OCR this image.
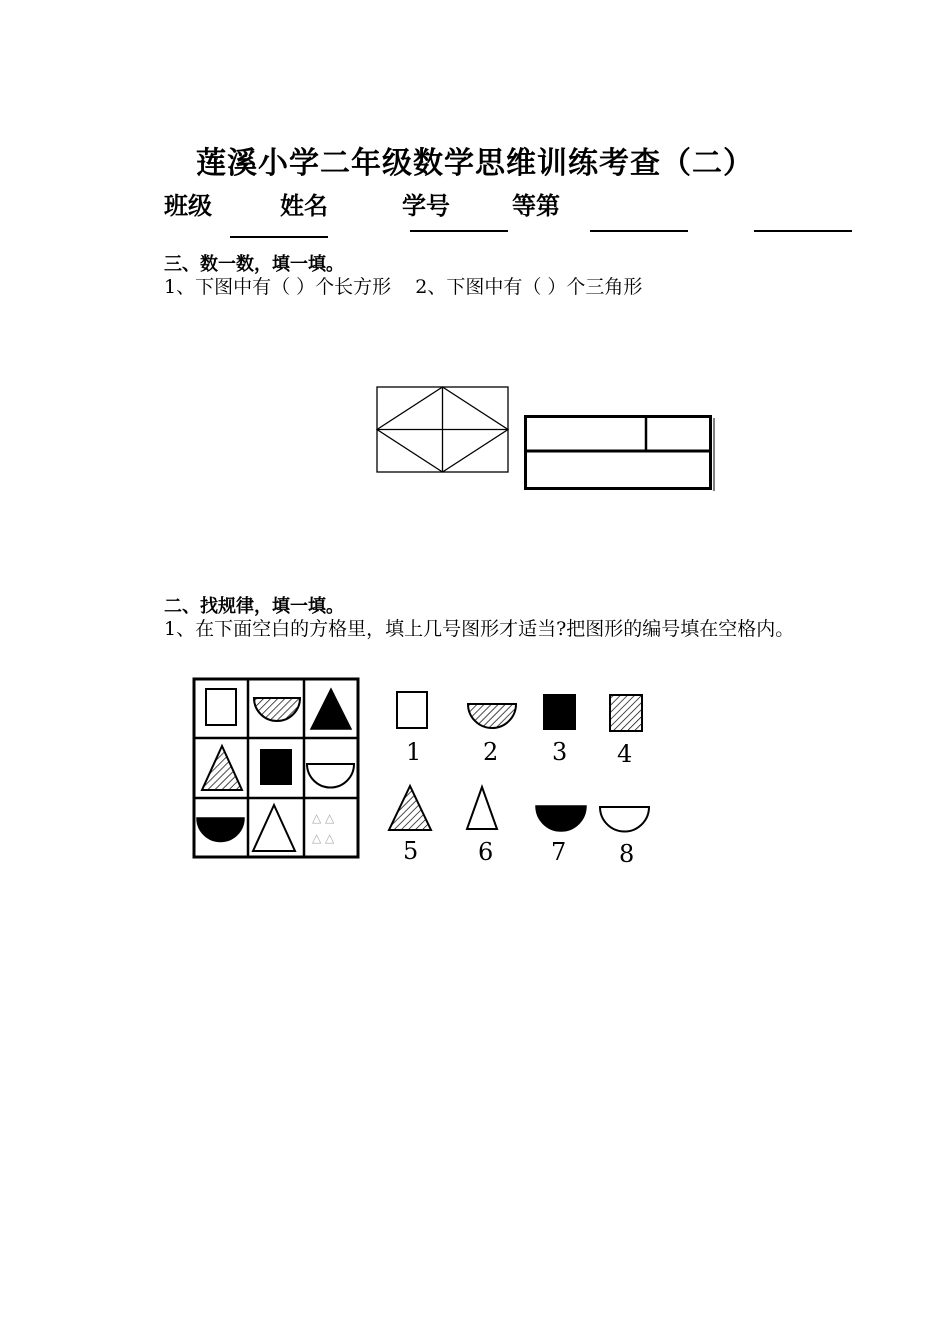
莲溪小学二年级数学思维训练考查（二）
班级	姓名	学号	等第
三、数一数，填一填。
1、下图中有（ ）个长方形 2、下图中有（ ）个三角形
二、找规律，填一填。
1、在下面空白的方格里，填上几号图形才适当?把图形的编号填在空格内。
△ △
△ △
1	2 3 4
5 6 7 8
